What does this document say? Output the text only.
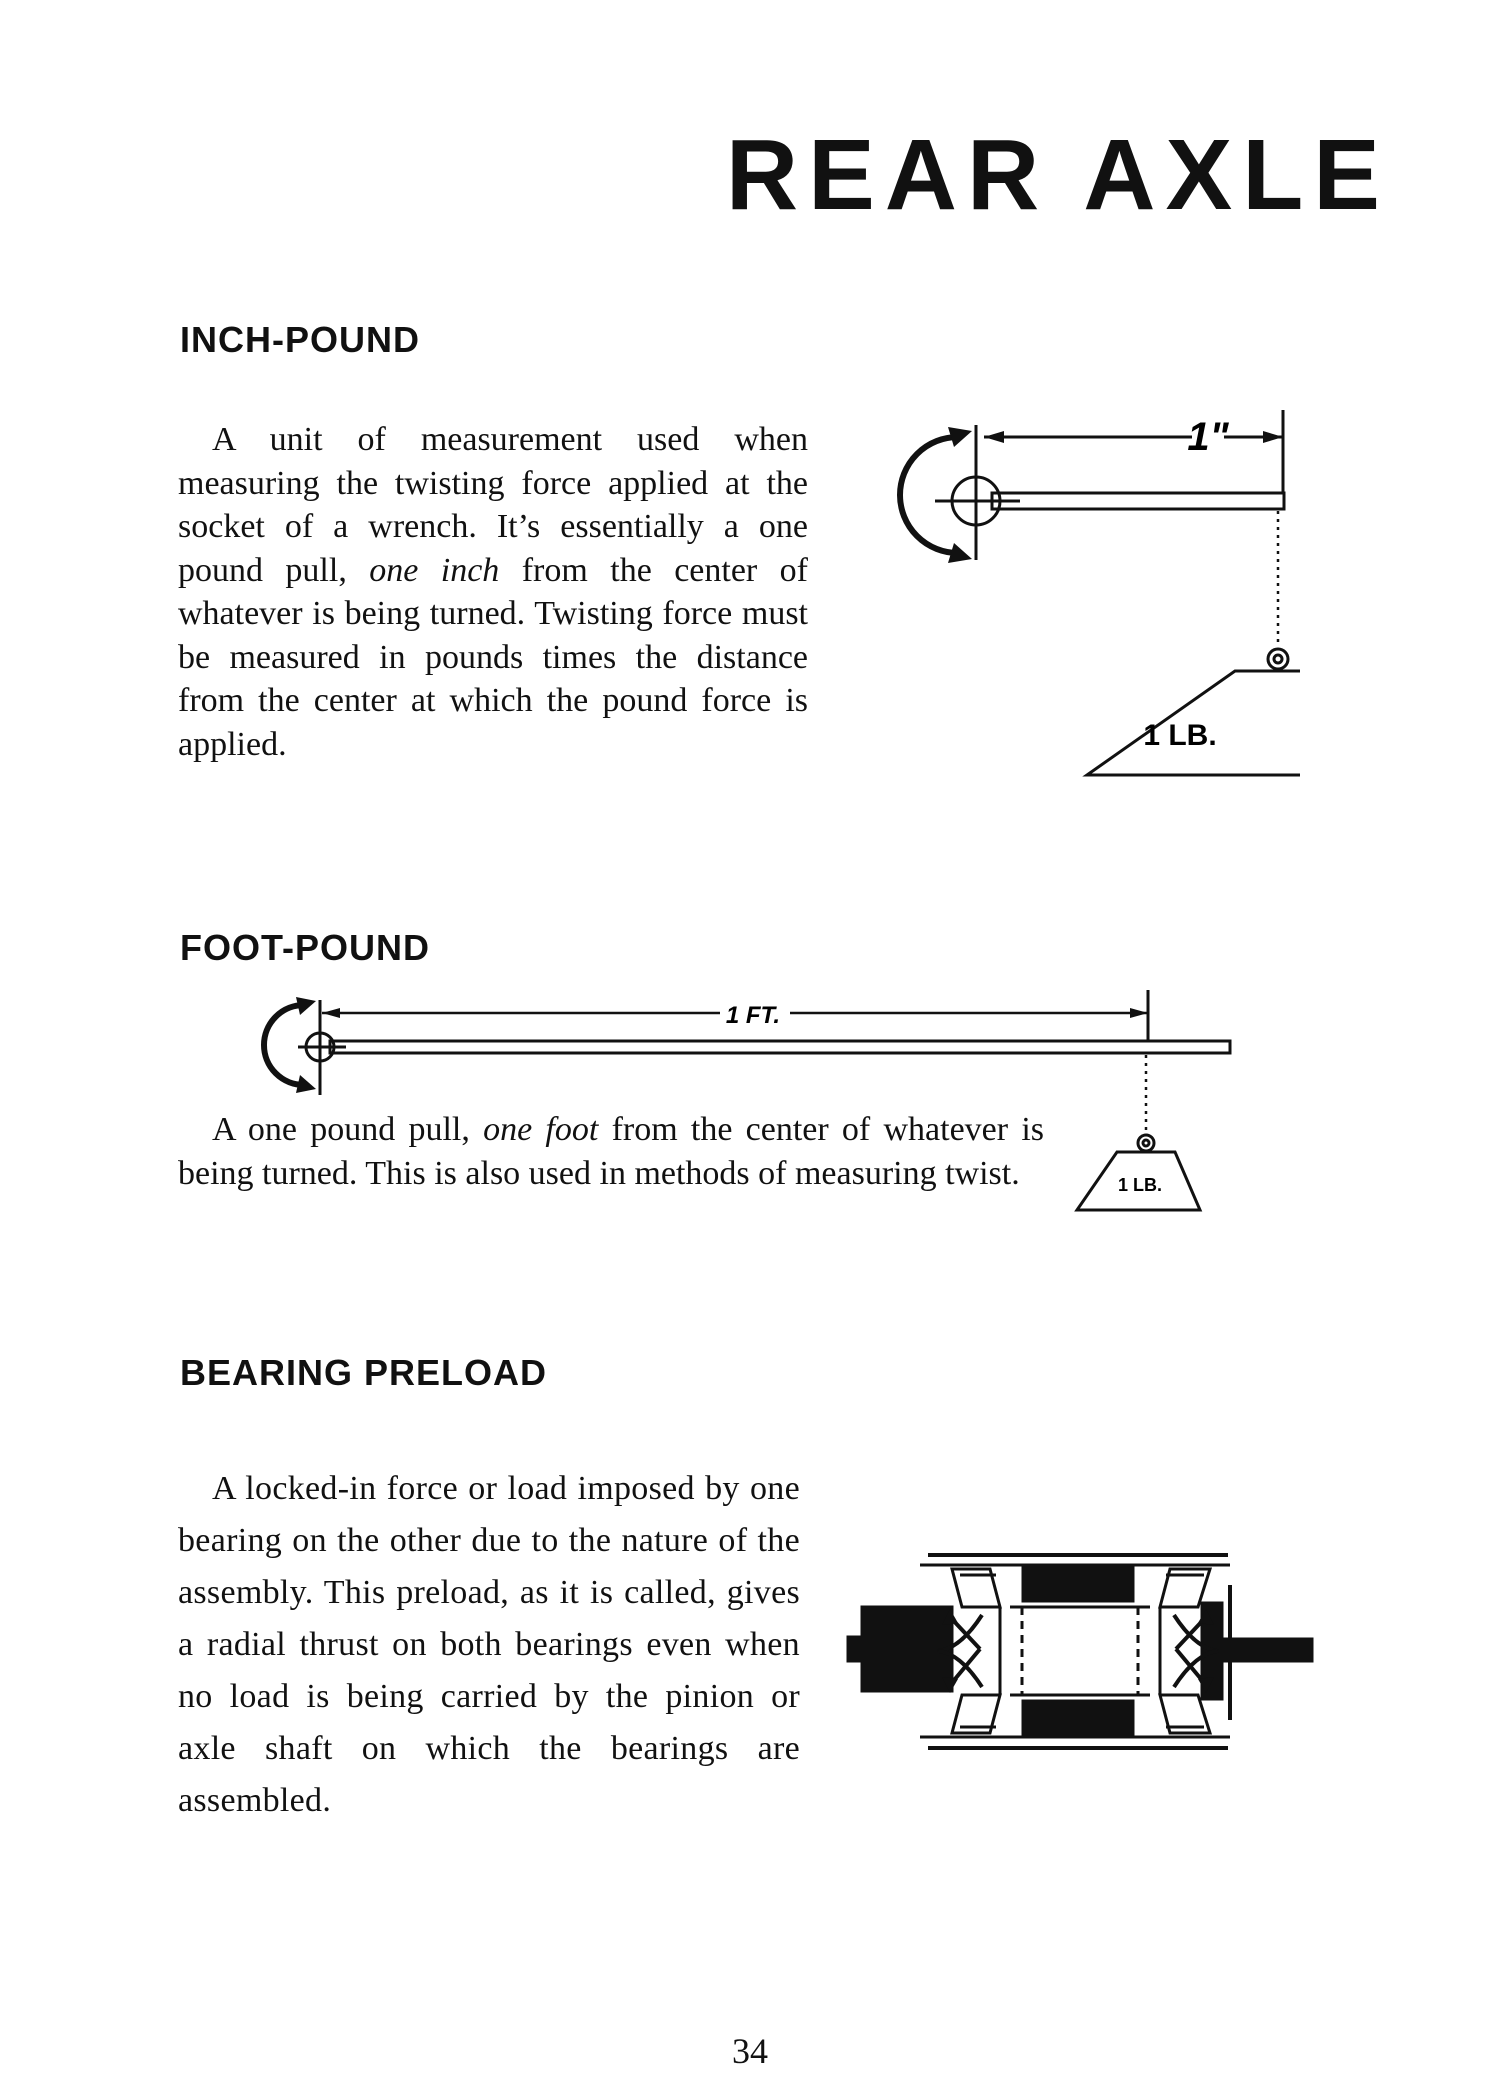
REAR AXLE
INCH-POUND

A unit of measurement used when measuring the twisting force applied at the socket of a wrench. It’s essentially a one pound pull, one inch from the center of whatever is being turned. Twisting force must be measured in pounds times the distance from the center at which the pound force is applied.

1"
1 LB.
FOOT-POUND
1 FT.
1 LB.

A one pound pull, one foot from the center of whatever is being turned. This is also used in methods of measuring twist.

BEARING PRELOAD

A locked-in force or load imposed by one bearing on the other due to the nature of the assembly. This preload, as it is called, gives a radial thrust on both bearings even when no load is being carried by the pinion or axle shaft on which the bearings are assembled.

34
